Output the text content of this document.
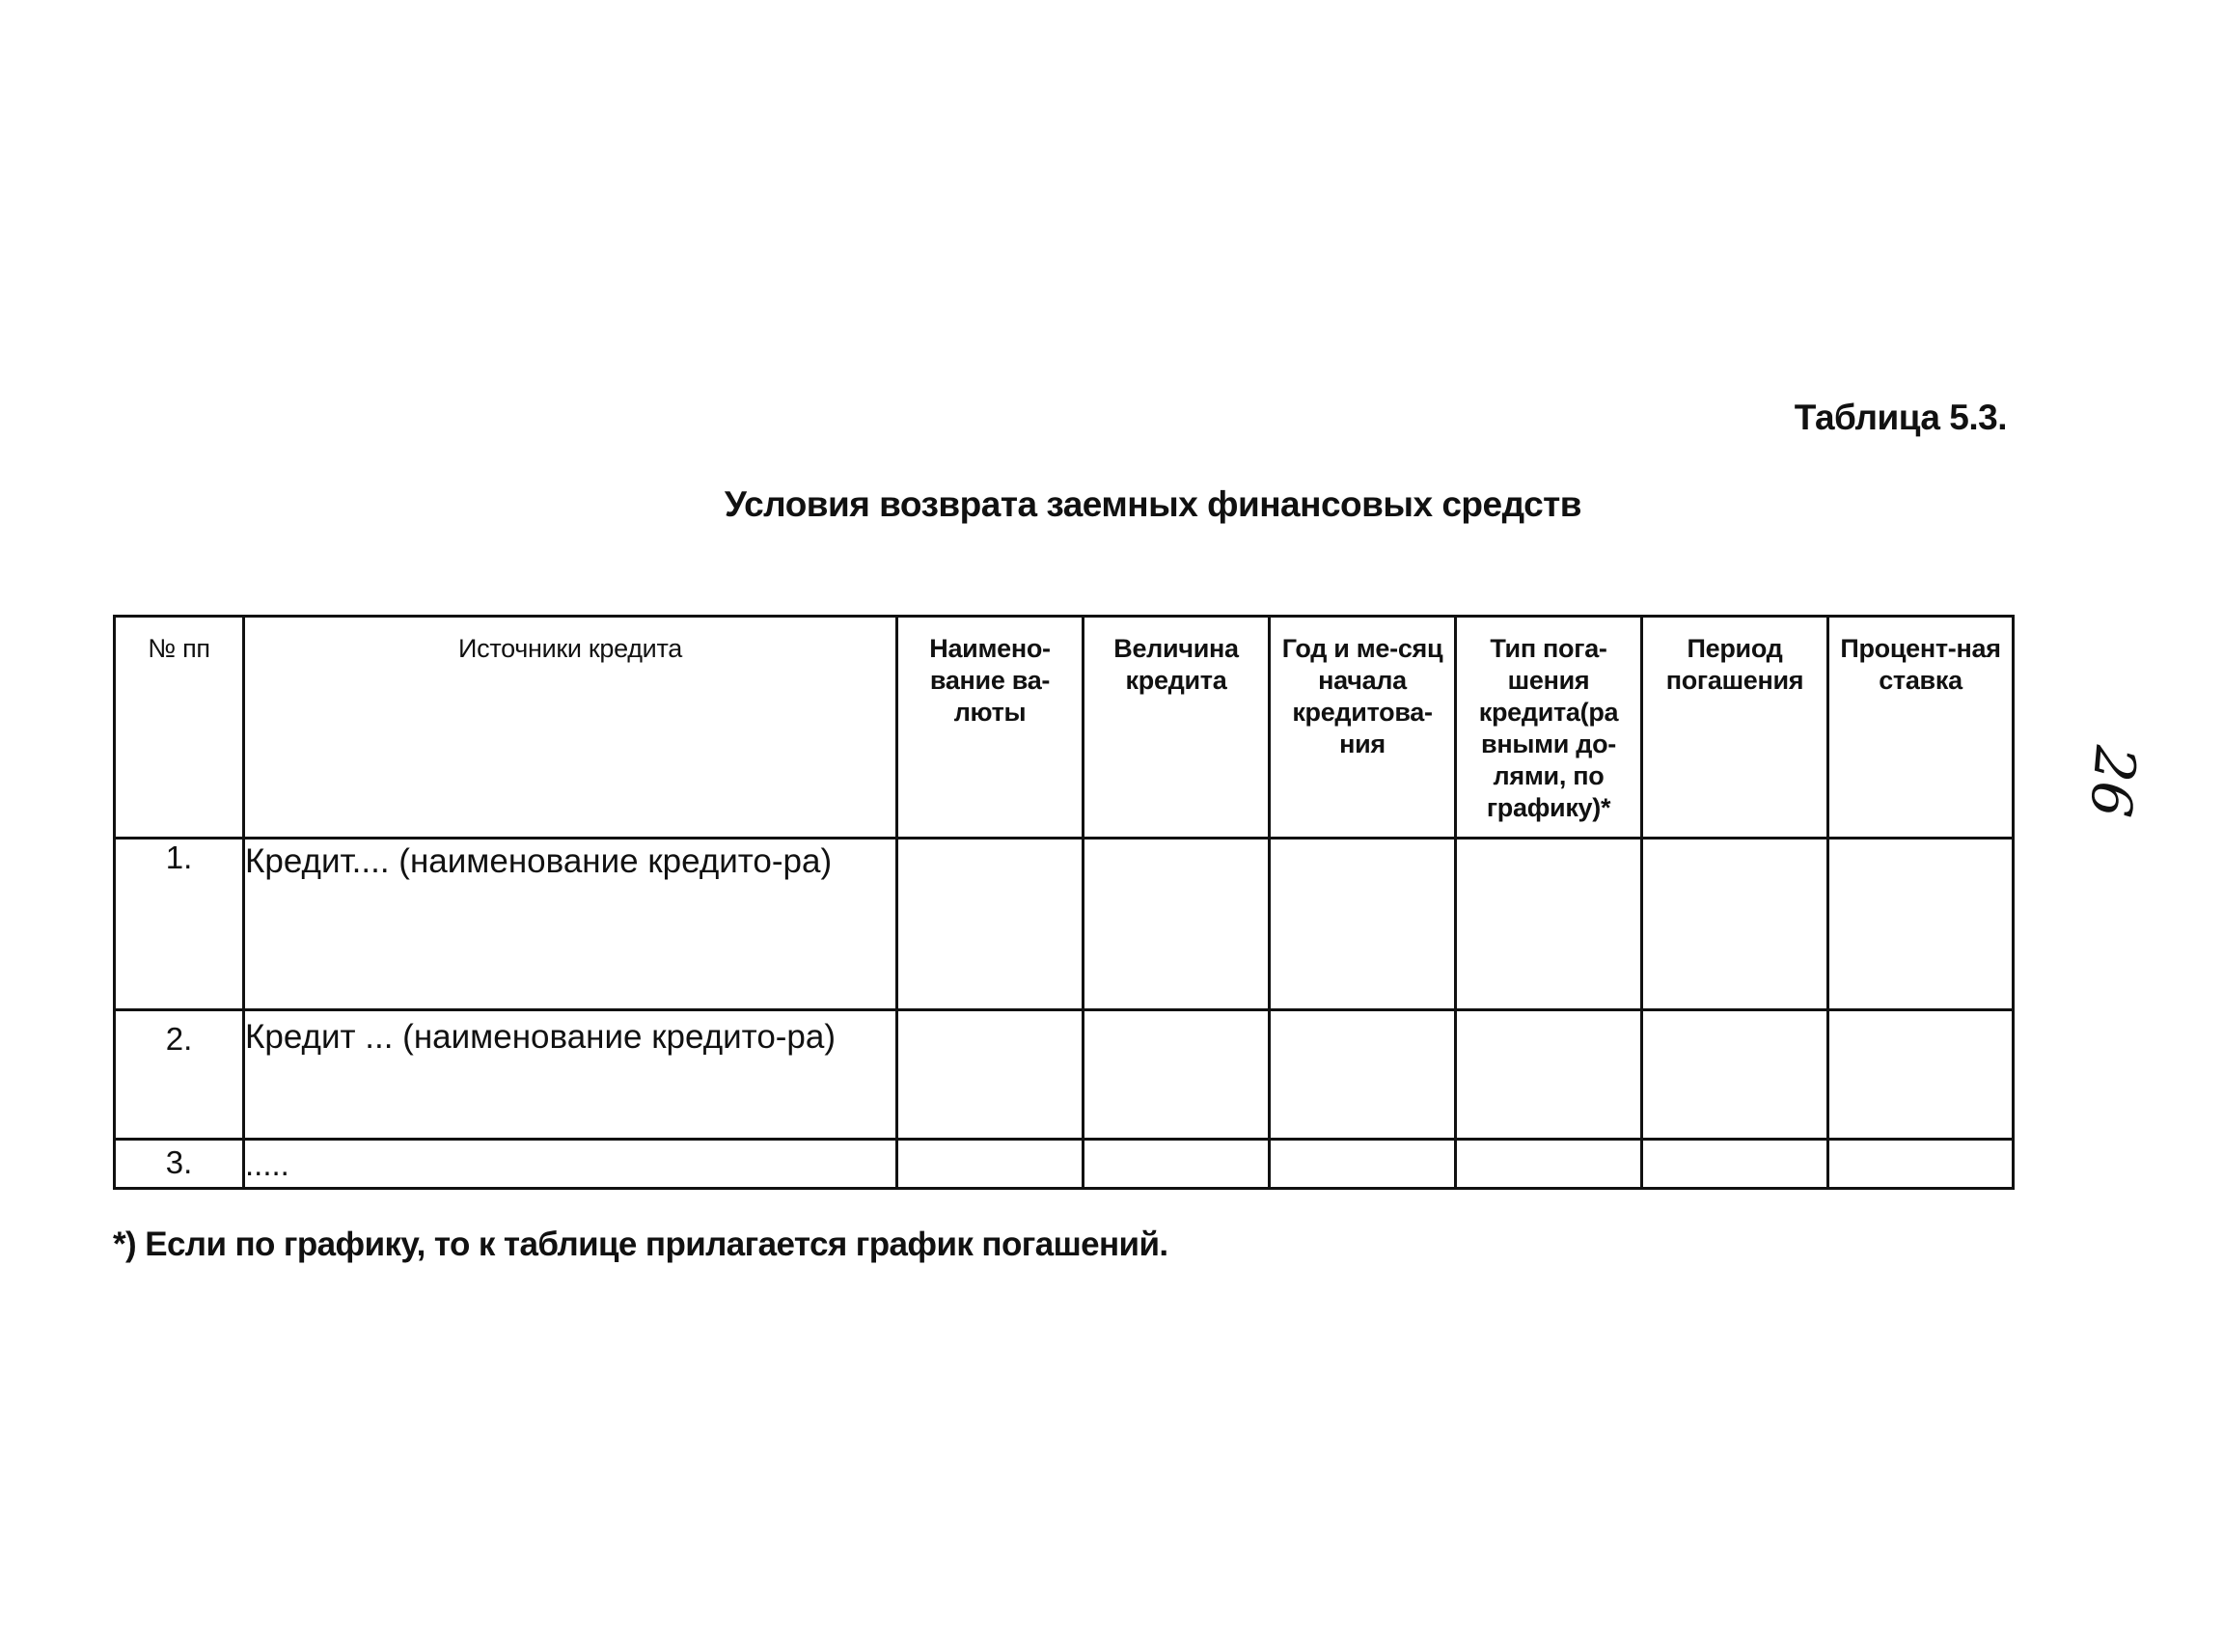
Таблица 5.3.
Условия возврата заемных финансовых средств
№ пп	Источники кредита	Наимено-вание ва-люты	Величина кредита	Год и ме-сяц начала кредитова-ния	Тип пога-шения кредита(ра вными до-лями, по графику)*	Период погашения	Процент-ная ставка
1.	Кредит.... (наименование кредито-ра)						
2.	Кредит ... (наименование кредито-ра)						
3.	.....						
*) Если по графику, то к таблице прилагается график погашений.
26
